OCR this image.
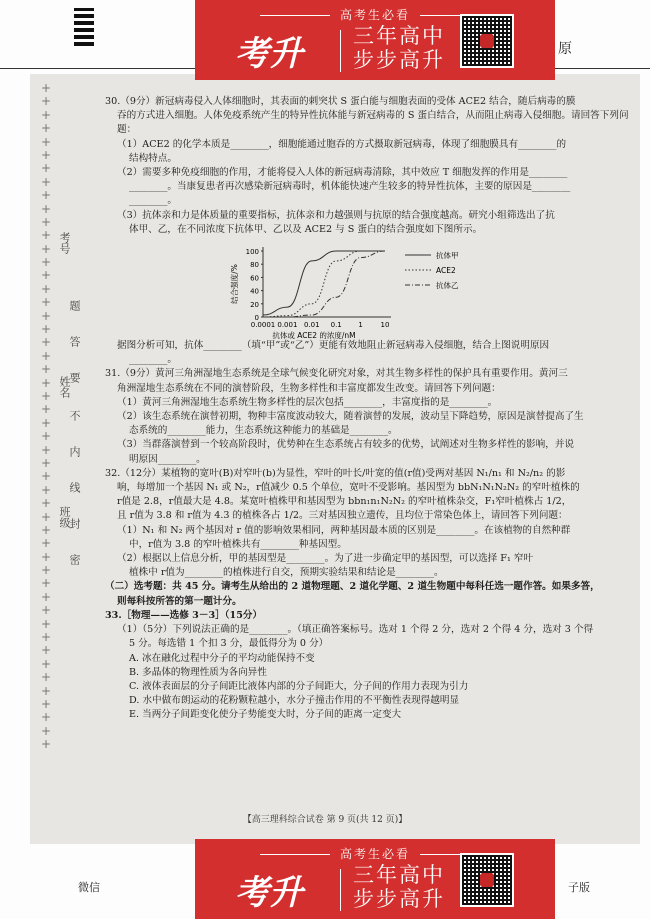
原
+
+
+
+
+
+
+
+
+
+
+
+
+
+
+
+
+
+
+
+
+
+
+
+
+
+
+
+
+
+
+
+
+
+
+
+
+
+
+
+
+
+
+
+
+
+
+
+
+
+
考号
题
答
要
姓名
不
内
线
班级
封
密

30.（9分）新冠病毒侵入人体细胞时，其表面的刺突状 S 蛋白能与细胞表面的受体 ACE2 结合，随后病毒的膜

吞的方式进入细胞。人体免疫系统产生的特异性抗体能与新冠病毒的 S 蛋白结合，从而阻止病毒入侵细胞。请回答下列问题：

（1）ACE2 的化学本质是________，细胞能通过胞吞的方式摄取新冠病毒，体现了细胞膜具有________的

结构特点。

（2）需要多种免疫细胞的作用，才能将侵入人体的新冠病毒清除，其中效应 T 细胞发挥的作用是________

________。当康复患者再次感染新冠病毒时，机体能快速产生较多的特异性抗体，主要的原因是________

________。

（3）抗体亲和力是体质量的重要指标，抗体亲和力越强则与抗原的结合强度越高。研究小组筛选出了抗

体甲、乙，在不同浓度下抗体甲、乙以及 ACE2 与 S 蛋白的结合强度如下图所示。

0
20
40
60
80
100
0.0001 0.001 0.01 0.1 1	10
结合强度/%
抗体或 ACE2 的浓度/nM
抗体甲
ACE2
抗体乙

据图分析可知，抗体________（填“甲”或“乙”）更能有效地阻止新冠病毒入侵细胞，结合上图说明原因

________。

31.（9分）黄河三角洲湿地生态系统是全球气候变化研究对象，对其生物多样性的保护具有重要作用。黄河三

角洲湿地生态系统在不同的演替阶段，生物多样性和丰富度都发生改变。请回答下列问题：

（1）黄河三角洲湿地生态系统生物多样性的层次包括________，丰富度指的是________。

（2）该生态系统在演替初期，物种丰富度波动较大，随着演替的发展，波动呈下降趋势，原因是演替提高了生

态系统的________能力，生态系统这种能力的基础是________。

（3）当群落演替到一个较高阶段时，优势种在生态系统占有较多的优势，试阐述对生物多样性的影响，并说

明原因________。

32.（12分）某植物的宽叶(B)对窄叶(b)为显性，窄叶的叶长/叶宽的值(r值)受两对基因 N₁/n₁ 和 N₂/n₂ 的影

响，每增加一个基因 N₁ 或 N₂，r值减少 0.5 个单位，宽叶不受影响。基因型为 bbN₁N₁N₂N₂ 的窄叶植株的

r值是 2.8，r值最大是 4.8。某宽叶植株甲和基因型为 bbn₁n₁N₂N₂ 的窄叶植株杂交，F₁窄叶植株占 1/2，

且 r值为 3.8 和 r值为 4.3 的植株各占 1/2。三对基因独立遗传，且均位于常染色体上，请回答下列问题：

（1）N₁ 和 N₂ 两个基因对 r 值的影响效果相同，两种基因最本质的区别是________。在该植物的自然种群

中，r值为 3.8 的窄叶植株共有________种基因型。

（2）根据以上信息分析，甲的基因型是________。为了进一步确定甲的基因型，可以选择 F₁ 窄叶

植株中 r值为________的植株进行自交，预期实验结果和结论是________。

（二）选考题：共 45 分。请考生从给出的 2 道物理题、2 道化学题、2 道生物题中每科任选一题作答。如果多答，

则每科按所答的第一题计分。

33.［物理——选修 3－3］（15分）

（1）（5分）下列说法正确的是________。（填正确答案标号。选对 1 个得 2 分，选对 2 个得 4 分，选对 3 个得

5 分。每选错 1 个扣 3 分，最低得分为 0 分）

A. 冰在融化过程中分子的平均动能保持不变

B. 多晶体的物理性质为各向异性

C. 液体表面层的分子间距比液体内部的分子间距大，分子间的作用力表现为引力

D. 水中做布朗运动的花粉颗粒越小，水分子撞击作用的不平衡性表现得越明显

E. 当两分子间距变化使分子势能变大时，分子间的距离一定变大

【高三理科综合试卷 第 9 页(共 12 页)】
高考生必看
考升 三年高中
步步高升
高考生必看
考升 三年高中
步步高升
微信	子版
